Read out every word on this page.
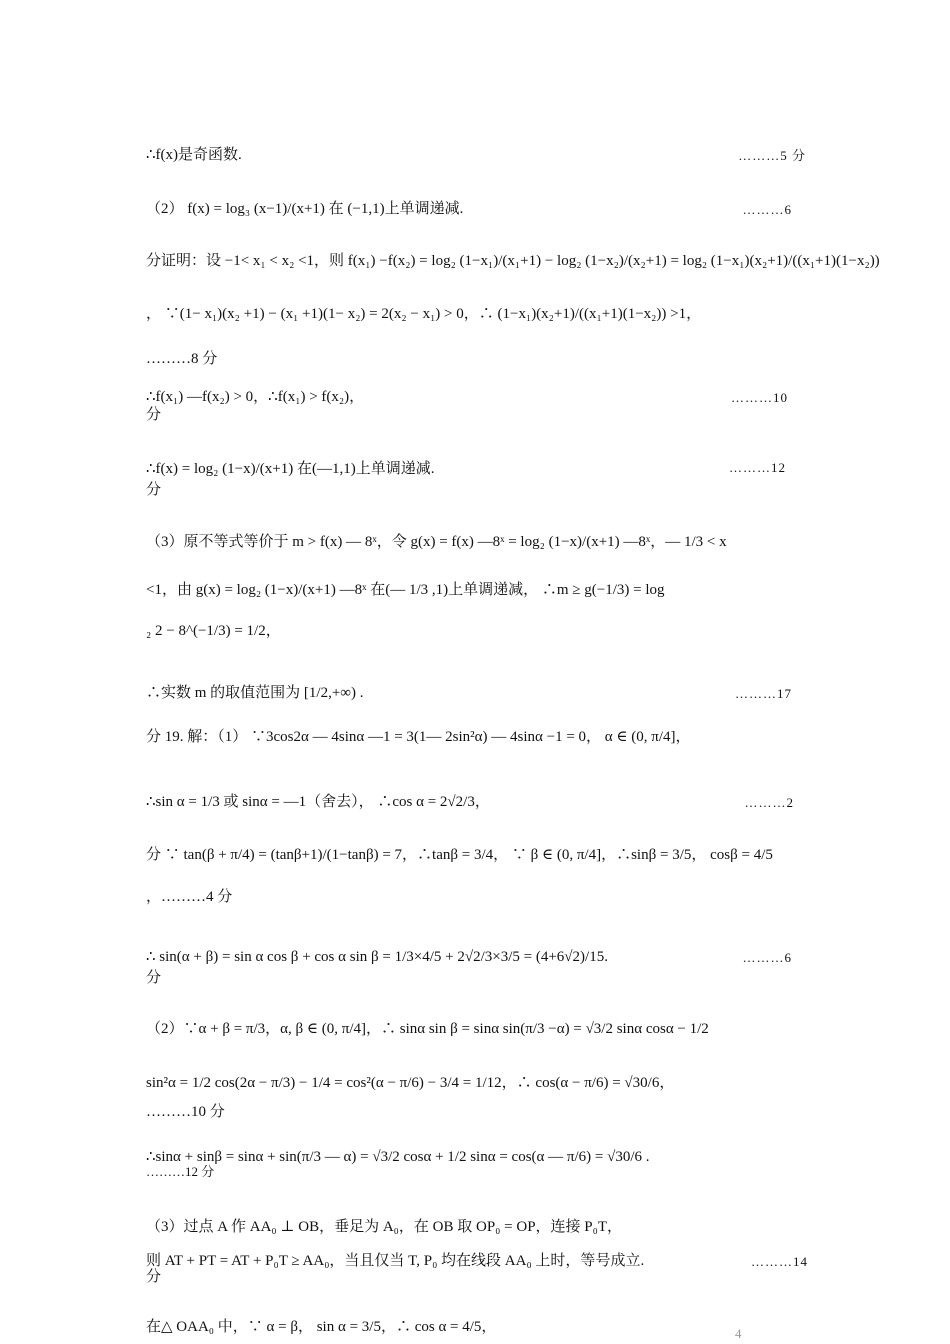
∴f(x)是奇函数.	………5 分
（2） f(x) = log₃ (x−1)/(x+1) 在 (−1,1)上单调递减.	………6
分证明：设 −1< x₁ < x₂ <1，则 f(x₁) −f(x₂) = log₂ (1−x₁)/(x₁+1) − log₂ (1−x₂)/(x₂+1) = log₂ (1−x₁)(x₂+1)/((x₁+1)(1−x₂))
， ∵(1− x₁)(x₂ +1) − (x₁ +1)(1− x₂) = 2(x₂ − x₁) > 0，∴ (1−x₁)(x₂+1)/((x₁+1)(1−x₂)) >1，
………8 分
∴f(x₁) —f(x₂) > 0，∴f(x₁) > f(x₂)，	………10
分
∴f(x) = log₂ (1−x)/(x+1) 在(—1,1)上单调递减.	………12
分
（3）原不等式等价于 m > f(x) — 8ˣ，令 g(x) = f(x) —8ˣ = log₂ (1−x)/(x+1) —8ˣ，— 1/3 < x
<1，由 g(x) = log₂ (1−x)/(x+1) —8ˣ 在(— 1/3 ,1)上单调递减， ∴m ≥ g(−1/3) = log
₂ 2 − 8^(−1/3) = 1/2，
∴实数 m 的取值范围为 [1/2,+∞) .	………17
分 19. 解：（1） ∵3cos2α — 4sinα —1 = 3(1— 2sin²α) — 4sinα −1 = 0， α ∈ (0, π/4]，
∴sin α = 1/3 或 sinα = —1（舍去）， ∴cos α = 2√2/3，	………2
分 ∵ tan(β + π/4) = (tanβ+1)/(1−tanβ) = 7，∴tanβ = 3/4， ∵ β ∈ (0, π/4]，∴sinβ = 3/5， cosβ = 4/5
，………4 分
∴ sin(α + β) = sin α cos β + cos α sin β = 1/3×4/5 + 2√2/3×3/5 = (4+6√2)/15.	………6
分
（2）∵α + β = π/3，α, β ∈ (0, π/4]，∴ sinα sin β = sinα sin(π/3 −α) = √3/2 sinα cosα − 1/2
sin²α = 1/2 cos(2α − π/3) − 1/4 = cos²(α − π/6) − 3/4 = 1/12，∴ cos(α − π/6) = √30/6，
………10 分
∴sinα + sinβ = sinα + sin(π/3 — α) = √3/2 cosα + 1/2 sinα = cos(α — π/6) = √30/6 .
………12 分
（3）过点 A 作 AA₀ ⊥ OB，垂足为 A₀，在 OB 取 OP₀ = OP，连接 P₀T，
则 AT + PT = AT + P₀T ≥ AA₀，当且仅当 T, P₀ 均在线段 AA₀ 上时，等号成立.	………14
分
在△ OAA₀ 中，∵ α = β， sin α = 3/5，∴ cos α = 4/5，	4
